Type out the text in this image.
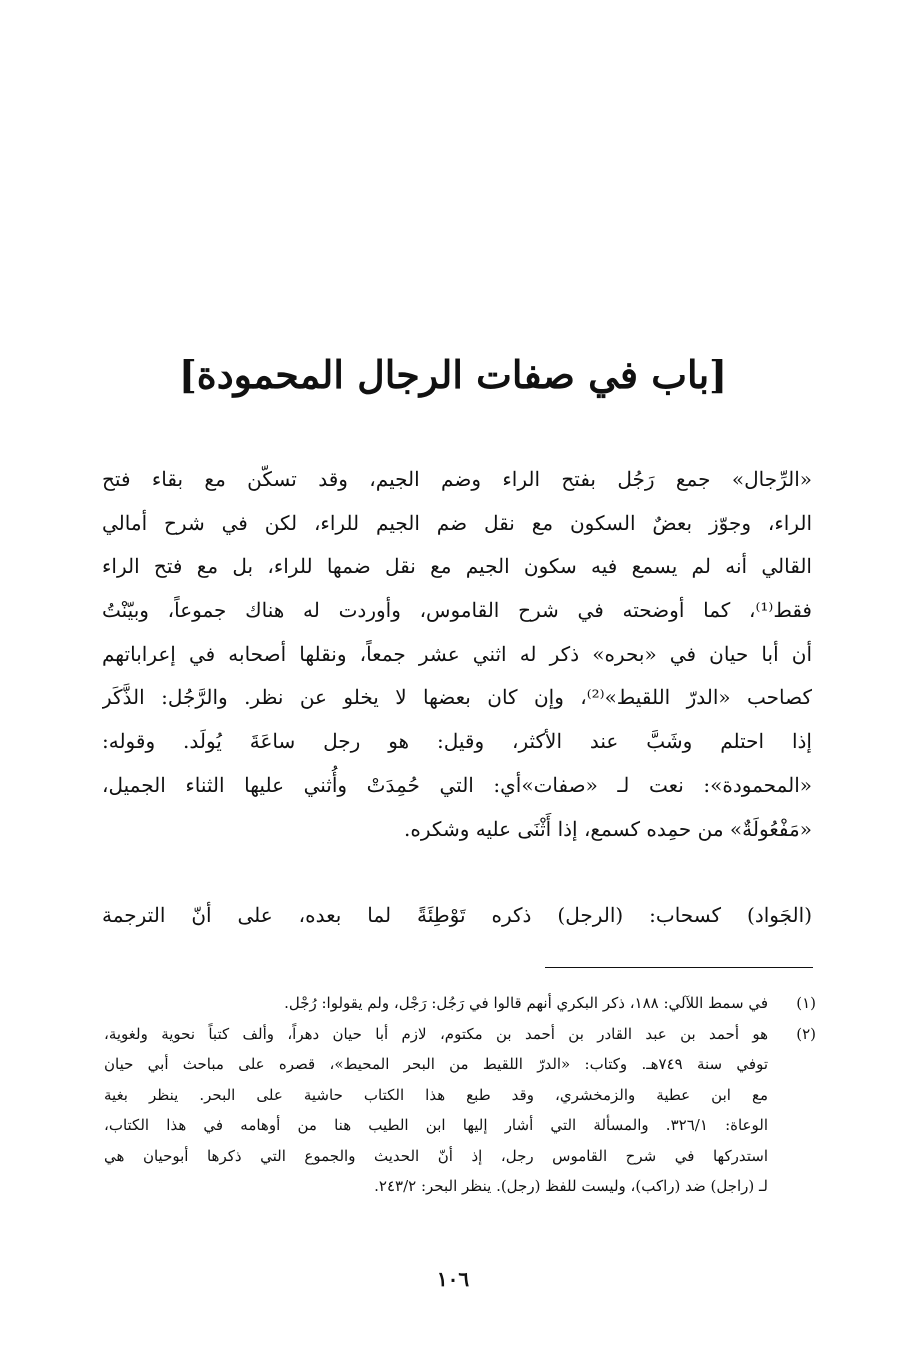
[باب في صفات الرجال المحمودة]
«الرِّجال» جمع رَجُل بفتح الراء وضم الجيم، وقد تسكّن مع بقاء فتح
الراء، وجوّز بعضٌ السكون مع نقل ضم الجيم للراء، لكن في شرح أمالي
القالي أنه لم يسمع فيه سكون الجيم مع نقل ضمها للراء، بل مع فتح الراء
فقط⁽¹⁾، كما أوضحته في شرح القاموس، وأوردت له هناك جموعاً، وبيّنْتُ
أن أبا حيان في «بحره» ذكر له اثني عشر جمعاً، ونقلها أصحابه في إعراباتهم
كصاحب «الدرّ اللقيط»⁽²⁾، وإن كان بعضها لا يخلو عن نظر. والرَّجُل: الذَّكَر
إذا احتلم وشَبَّ عند الأكثر، وقيل: هو رجل ساعَةَ يُولَد. وقوله:
«المحمودة»: نعت لـ «صفات»أي: التي حُمِدَتْ وأُثني عليها الثناء الجميل،
«مَفْعُولَةٌ» من حمِده كسمع، إذا أَثْنَى عليه وشكره.
(الجَواد) كسحاب: (الرجل) ذكره تَوْطِئَةً لما بعده، على أنّ الترجمة
(١)
في سمط اللآلي: ١٨٨، ذكر البكري أنهم قالوا في رَجُل: رَجْل، ولم يقولوا: رُجْل.
(٢)
هو أحمد بن عبد القادر بن أحمد بن مكتوم، لازم أبا حيان دهراً، وألف كتباً نحوية ولغوية،
توفي سنة ٧٤٩هـ. وكتاب: «الدرّ اللقيط من البحر المحيط»، قصره على مباحث أبي حيان
مع ابن عطية والزمخشري، وقد طبع هذا الكتاب حاشية على البحر. ينظر بغية
الوعاة: ٣٢٦/١. والمسألة التي أشار إليها ابن الطيب هنا من أوهامه في هذا الكتاب،
استدركها في شرح القاموس رجل، إذ أنّ الحديث والجموع التي ذكرها أبوحيان هي
لـ (راجل) ضد (راكب)، وليست للفظ (رجل). ينظر البحر: ٢٤٣/٢.
١٠٦
